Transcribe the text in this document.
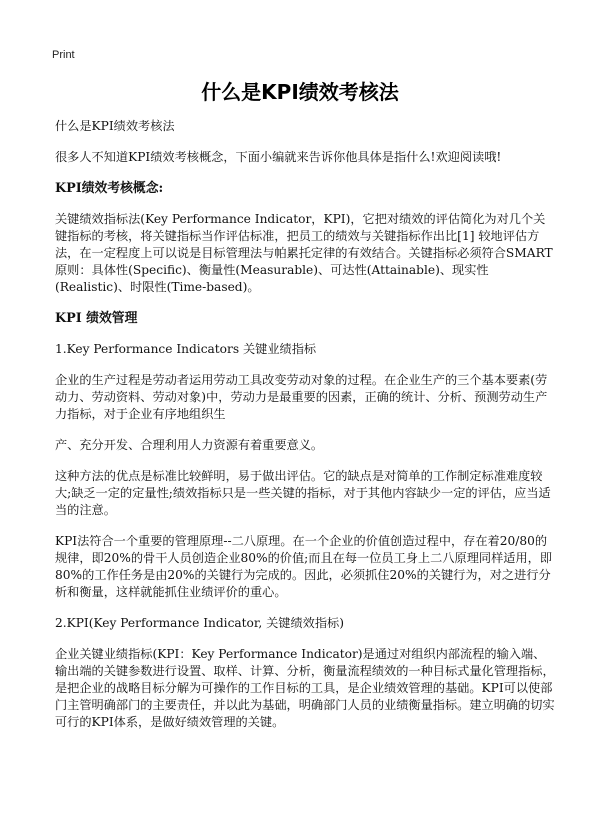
Print
什么是KPI绩效考核法

什么是KPI绩效考核法

很多人不知道KPI绩效考核概念，下面小编就来告诉你他具体是指什么!欢迎阅读哦!

KPI绩效考核概念:

关键绩效指标法(Key Performance Indicator，KPI)，它把对绩效的评估简化为对几个关键指标的考核，将关键指标当作评估标准，把员工的绩效与关键指标作出比[1] 较地评估方法，在一定程度上可以说是目标管理法与帕累托定律的有效结合。关键指标必须符合SMART原则：具体性(Specific)、衡量性(Measurable)、可达性(Attainable)、现实性(Realistic)、时限性(Time-based)。

KPI 绩效管理

1.Key Performance Indicators 关键业绩指标

企业的生产过程是劳动者运用劳动工具改变劳动对象的过程。在企业生产的三个基本要素(劳动力、劳动资料、劳动对象)中，劳动力是最重要的因素，正确的统计、分析、预测劳动生产力指标，对于企业有序地组织生

产、充分开发、合理利用人力资源有着重要意义。

这种方法的优点是标准比较鲜明，易于做出评估。它的缺点是对简单的工作制定标准难度较大;缺乏一定的定量性;绩效指标只是一些关键的指标，对于其他内容缺少一定的评估，应当适当的注意。

KPI法符合一个重要的管理原理--二八原理。在一个企业的价值创造过程中，存在着20/80的规律，即20%的骨干人员创造企业80%的价值;而且在每一位员工身上二八原理同样适用，即 80%的工作任务是由20%的关键行为完成的。因此，必须抓住20%的关键行为，对之进行分析和衡量，这样就能抓住业绩评价的重心。

2.KPI(Key Performance Indicator, 关键绩效指标)

企业关键业绩指标(KPI：Key Performance Indicator)是通过对组织内部流程的输入端、输出端的关键参数进行设置、取样、计算、分析，衡量流程绩效的一种目标式量化管理指标，是把企业的战略目标分解为可操作的工作目标的工具，是企业绩效管理的基础。KPI可以使部门主管明确部门的主要责任，并以此为基础，明确部门人员的业绩衡量指标。建立明确的切实可行的KPI体系，是做好绩效管理的关键。
